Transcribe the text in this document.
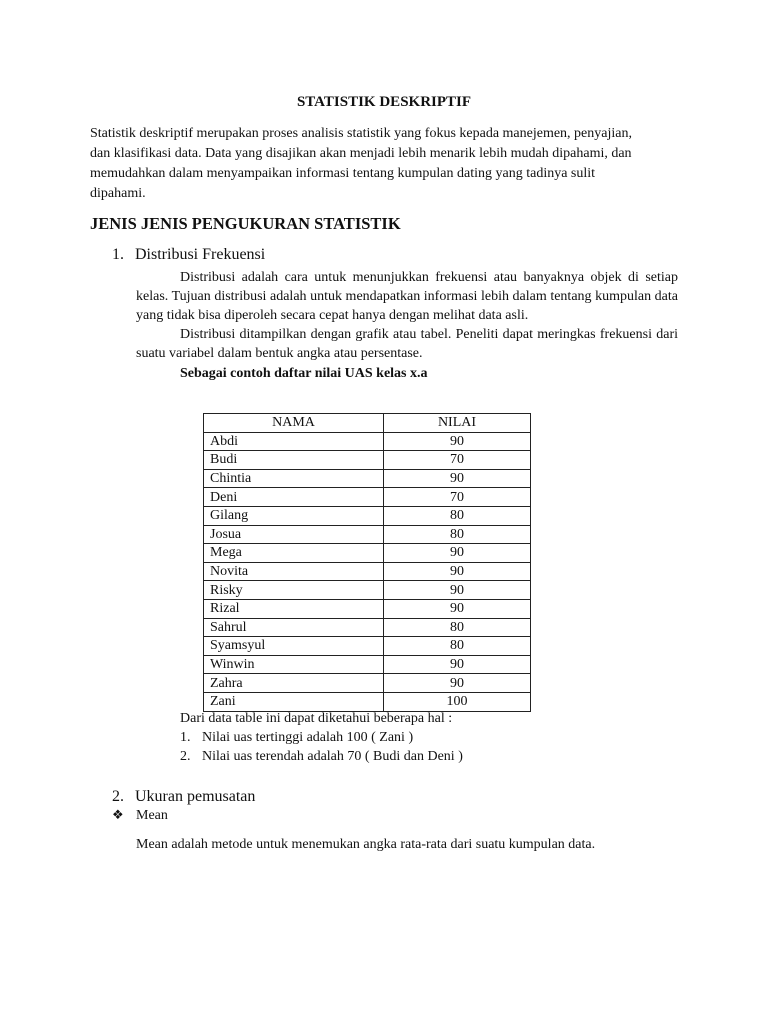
STATISTIK DESKRIPTIF

Statistik deskriptif merupakan proses analisis statistik yang fokus kepada manejemen, penyajian,

dan klasifikasi data. Data yang disajikan akan menjadi lebih menarik lebih mudah dipahami, dan

memudahkan dalam menyampaikan informasi tentang kumpulan dating yang tadinya sulit

dipahami.

JENIS JENIS PENGUKURAN STATISTIK
1. Distribusi Frekuensi

Distribusi adalah cara untuk menunjukkan frekuensi atau banyaknya objek di setiap kelas. Tujuan distribusi adalah untuk mendapatkan informasi lebih dalam tentang kumpulan data yang tidak bisa diperoleh secara cepat hanya dengan melihat data asli.

Distribusi ditampilkan dengan grafik atau tabel. Peneliti dapat meringkas frekuensi dari suatu variabel dalam bentuk angka atau persentase.

Sebagai contoh daftar nilai UAS kelas x.a
NAMA	NILAI
Abdi	90
Budi	70
Chintia	90
Deni	70
Gilang	80
Josua	80
Mega	90
Novita	90
Risky	90
Rizal	90
Sahrul	80
Syamsyul	80
Winwin	90
Zahra	90
Zani	100
Dari data table ini dapat diketahui beberapa hal :
1. Nilai uas tertinggi adalah 100 ( Zani )
2. Nilai uas terendah adalah 70 ( Budi dan Deni )
2. Ukuran pemusatan
❖ Mean
Mean adalah metode untuk menemukan angka rata-rata dari suatu kumpulan data.
